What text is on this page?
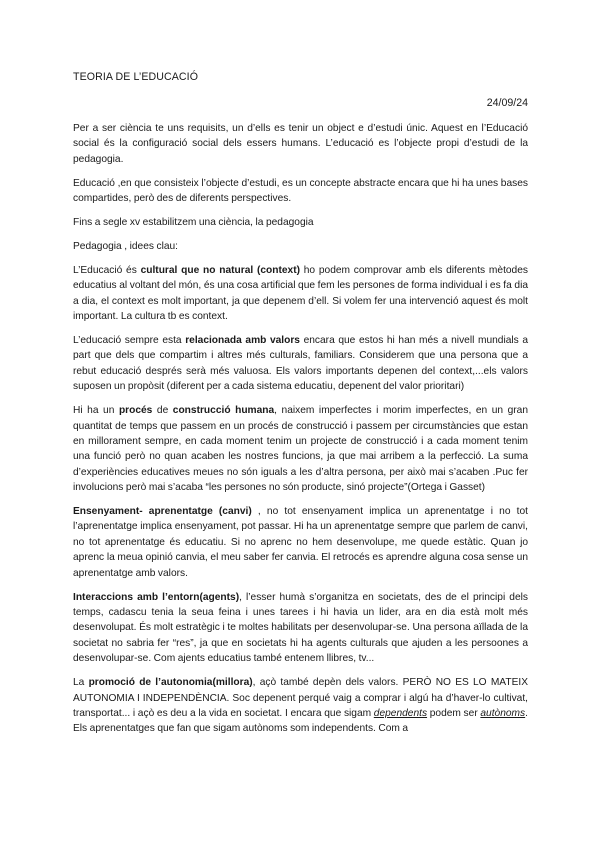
TEORIA DE L’EDUCACIÓ
24/09/24

Per a ser ciència te uns requisits, un d’ells es tenir un object e d’estudi únic. Aquest en l’Educació social és la configuració social dels essers humans. L’educació es l’objecte propi d’estudi de la pedagogia.

Educació ,en que consisteix l’objecte d’estudi, es un concepte abstracte encara que hi ha unes bases compartides, però des de diferents perspectives.

Fins a segle xv estabilitzem una ciència, la pedagogia

Pedagogia , idees clau:

L’Educació és cultural que no natural (context) ho podem comprovar amb els diferents mètodes educatius al voltant del món, és una cosa artificial que fem les persones de forma individual i es fa dia a dia, el context es molt important, ja que depenem d’ell. Si volem fer una intervenció aquest és molt important. La cultura tb es context.

L’educació sempre esta relacionada amb valors encara que estos hi han més a nivell mundials a part que dels que compartim i altres més culturals, familiars. Considerem que una persona que a rebut educació després serà més valuosa. Els valors importants depenen del context,...els valors suposen un propòsit (diferent per a cada sistema educatiu, depenent del valor prioritari)

Hi ha un procés de construcció humana, naixem imperfectes i morim imperfectes, en un gran quantitat de temps que passem en un procés de construcció i passem per circumstàncies que estan en millorament sempre, en cada moment tenim un projecte de construcció i a cada moment tenim una funció però no quan acaben les nostres funcions, ja que mai arribem a la perfecció. La suma d’experiències educatives meues no són iguals a les d’altra persona, per això mai s’acaben .Puc fer involucions però mai s’acaba “les persones no són producte, sinó projecte”(Ortega i Gasset)

Ensenyament- aprenentatge (canvi) , no tot ensenyament implica un aprenentatge i no tot l’aprenentatge implica ensenyament, pot passar. Hi ha un aprenentatge sempre que parlem de canvi, no tot aprenentatge és educatiu. Si no aprenc no hem desenvolupe, me quede estàtic. Quan jo aprenc la meua opinió canvia, el meu saber fer canvia. El retrocés es aprendre alguna cosa sense un aprenentatge amb valors.

Interaccions amb l’entorn(agents), l’esser humà s’organitza en societats, des de el principi dels temps, cadascu tenia la seua feina i unes tarees i hi havia un lider, ara en dia està molt més desenvolupat. És molt estratègic i te moltes habilitats per desenvolupar-se. Una persona aïllada de la societat no sabria fer “res”, ja que en societats hi ha agents culturals que ajuden a les persoones a desenvolupar-se. Com ajents educatius també entenem llibres, tv...

La promoció de l’autonomia(millora), açò també depèn dels valors. PERÒ NO ES LO MATEIX AUTONOMIA I INDEPENDÈNCIA. Soc depenent perqué vaig a comprar i algú ha d’haver-lo cultivat, transportat... i açò es deu a la vida en societat. I encara que sigam dependents podem ser autònoms. Els aprenentatges que fan que sigam autònoms som independents. Com a
